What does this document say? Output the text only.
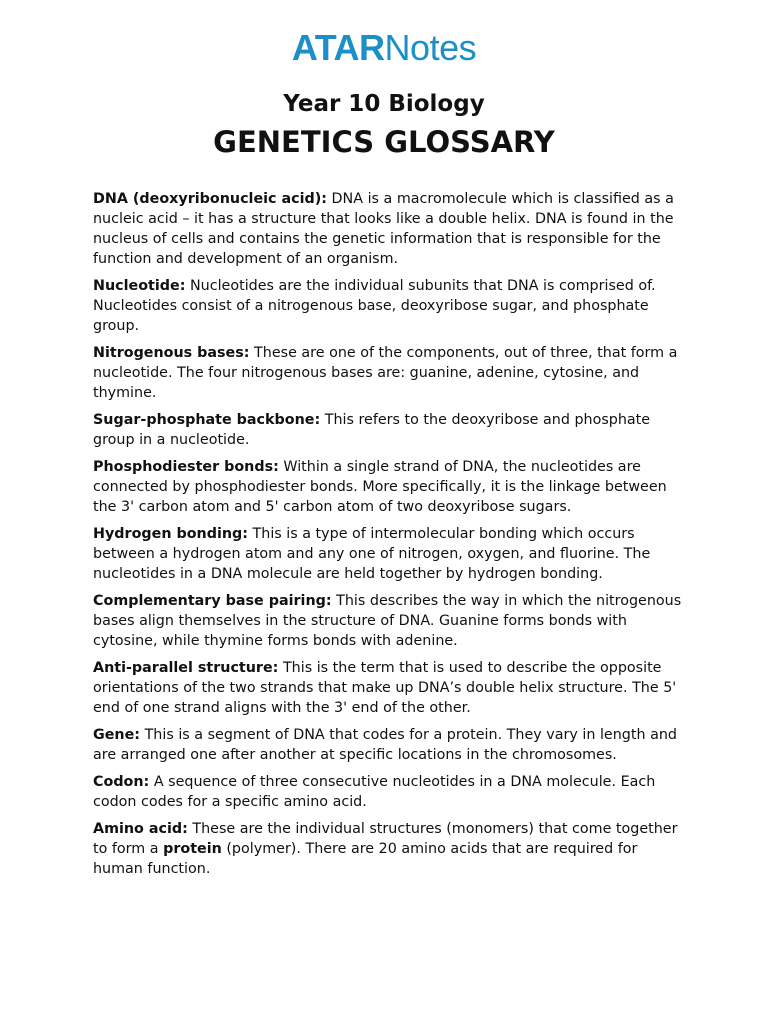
ATARNotes
Year 10 Biology
GENETICS GLOSSARY

DNA (deoxyribonucleic acid): DNA is a macromolecule which is classified as a nucleic acid – it has a structure that looks like a double helix. DNA is found in the nucleus of cells and contains the genetic information that is responsible for the function and development of an organism.

Nucleotide: Nucleotides are the individual subunits that DNA is comprised of. Nucleotides consist of a nitrogenous base, deoxyribose sugar, and phosphate group.

Nitrogenous bases: These are one of the components, out of three, that form a nucleotide. The four nitrogenous bases are: guanine, adenine, cytosine, and thymine.

Sugar-phosphate backbone: This refers to the deoxyribose and phosphate group in a nucleotide.

Phosphodiester bonds: Within a single strand of DNA, the nucleotides are connected by phosphodiester bonds. More specifically, it is the linkage between the 3' carbon atom and 5' carbon atom of two deoxyribose sugars.

Hydrogen bonding: This is a type of intermolecular bonding which occurs between a hydrogen atom and any one of nitrogen, oxygen, and fluorine. The nucleotides in a DNA molecule are held together by hydrogen bonding.

Complementary base pairing: This describes the way in which the nitrogenous bases align themselves in the structure of DNA. Guanine forms bonds with cytosine, while thymine forms bonds with adenine.

Anti-parallel structure: This is the term that is used to describe the opposite orientations of the two strands that make up DNA’s double helix structure. The 5' end of one strand aligns with the 3' end of the other.

Gene: This is a segment of DNA that codes for a protein. They vary in length and are arranged one after another at specific locations in the chromosomes.

Codon: A sequence of three consecutive nucleotides in a DNA molecule. Each codon codes for a specific amino acid.

Amino acid: These are the individual structures (monomers) that come together to form a protein (polymer). There are 20 amino acids that are required for human function.
